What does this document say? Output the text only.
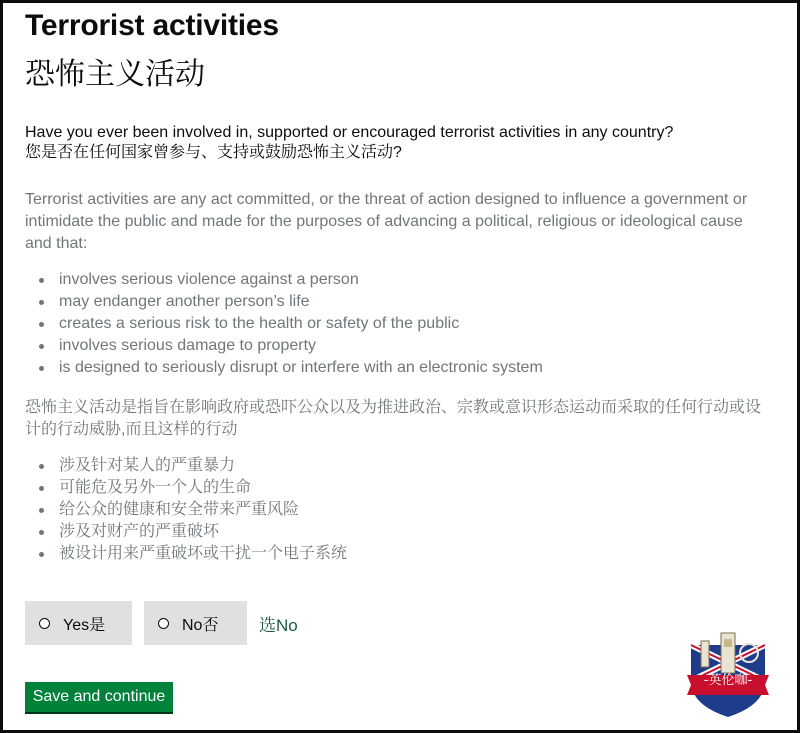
Terrorist activities
恐怖主义活动
Have you ever been involved in, supported or encouraged terrorist activities in any country?
您是否在任何国家曾参与、支持或鼓励恐怖主义活动?
Terrorist activities are any act committed, or the threat of action designed to influence a government or intimidate the public and made for the purposes of advancing a political, religious or ideological cause and that:
involves serious violence against a person
may endanger another person’s life
creates a serious risk to the health or safety of the public
involves serious damage to property
is designed to seriously disrupt or interfere with an electronic system
恐怖主义活动是指旨在影响政府或恐吓公众以及为推进政治、宗教或意识形态运动而采取的任何行动或设计的行动威胁,而且这样的行动
涉及针对某人的严重暴力
可能危及另外一个人的生命
给公众的健康和安全带来严重风险
涉及对财产的严重破坏
被设计用来严重破坏或干扰一个电子系统
Yes是	No否 选No
Save and continue
-英伦咖-
